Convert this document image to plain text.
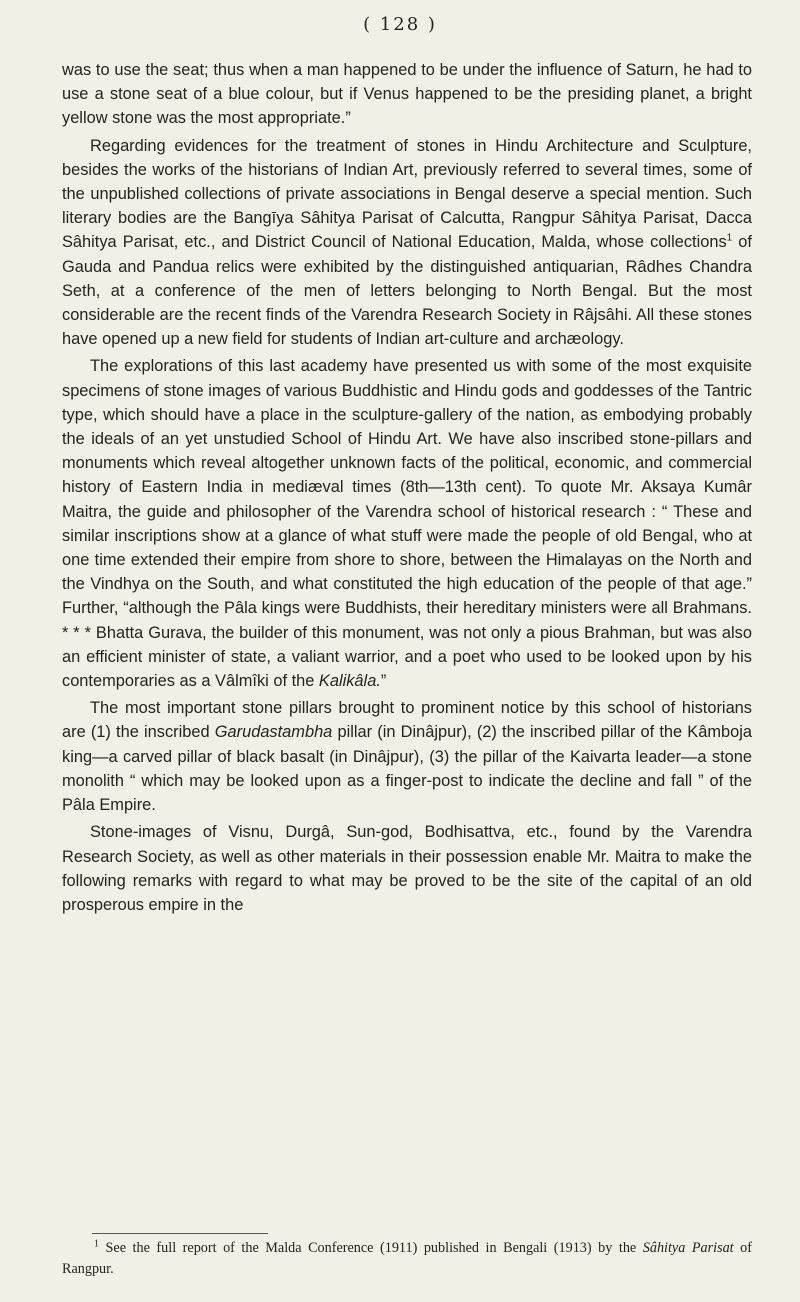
( 128 )

was to use the seat; thus when a man happened to be under the influence of Saturn, he had to use a stone seat of a blue colour, but if Venus happened to be the presiding planet, a bright yellow stone was the most appropriate.”

Regarding evidences for the treatment of stones in Hindu Architecture and Sculpture, besides the works of the historians of Indian Art, previously referred to several times, some of the unpublished collections of private associations in Bengal deserve a special mention. Such literary bodies are the Bangīya Sâhitya Parisat of Calcutta, Rangpur Sâhitya Parisat, Dacca Sâhitya Parisat, etc., and District Council of National Education, Malda, whose collections$^1$ of Gauda and Pandua relics were exhibited by the distinguished antiquarian, Râdhes Chandra Seth, at a conference of the men of letters belonging to North Bengal. But the most considerable are the recent finds of the Varendra Research Society in Râjsâhi. All these stones have opened up a new field for students of Indian art-culture and archæology.

The explorations of this last academy have presented us with some of the most exquisite specimens of stone images of various Buddhistic and Hindu gods and goddesses of the Tantric type, which should have a place in the sculpture-gallery of the nation, as embodying probably the ideals of an yet unstudied School of Hindu Art. We have also inscribed stone-pillars and monuments which reveal altogether unknown facts of the political, economic, and commercial history of Eastern India in mediæval times (8th—13th cent). To quote Mr. Aksaya Kumâr Maitra, the guide and philosopher of the Varendra school of historical research : “ These and similar inscriptions show at a glance of what stuff were made the people of old Bengal, who at one time extended their empire from shore to shore, between the Himalayas on the North and the Vindhya on the South, and what constituted the high education of the people of that age.” Further, “although the Pâla kings were Buddhists, their hereditary ministers were all Brahmans. * * * Bhatta Gurava, the builder of this monument, was not only a pious Brahman, but was also an efficient minister of state, a valiant warrior, and a poet who used to be looked upon by his contemporaries as a Vâlmîki of the Kalikâla.”

The most important stone pillars brought to prominent notice by this school of historians are (1) the inscribed Garudastambha pillar (in Dinâjpur), (2) the inscribed pillar of the Kâmboja king—a carved pillar of black basalt (in Dinâjpur), (3) the pillar of the Kaivarta leader—a stone monolith “ which may be looked upon as a finger-post to indicate the decline and fall ” of the Pâla Empire.

Stone-images of Visnu, Durgâ, Sun-god, Bodhisattva, etc., found by the Varendra Research Society, as well as other materials in their possession enable Mr. Maitra to make the following remarks with regard to what may be proved to be the site of the capital of an old prosperous empire in the

$^1$ See the full report of the Malda Conference (1911) published in Bengali (1913) by the Sâhitya Parisat of Rangpur.
